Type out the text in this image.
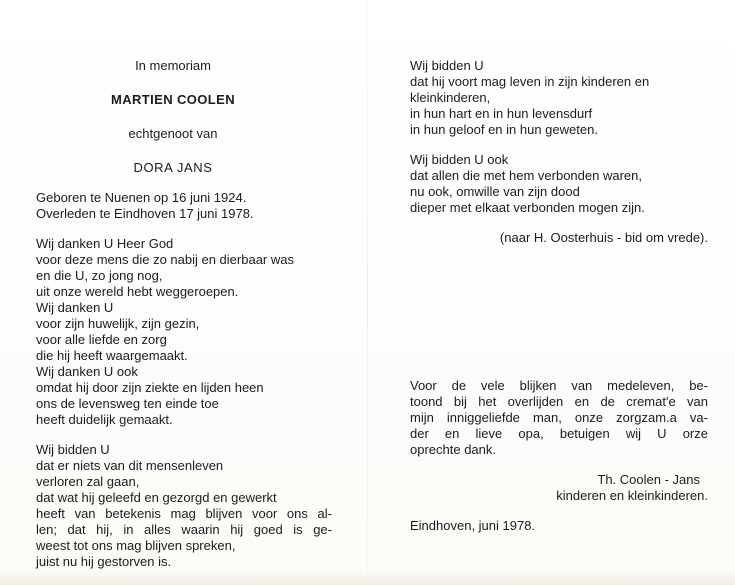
In memoriam
MARTIEN COOLEN
echtgenoot van
DORA JANS
Geboren te Nuenen op 16 juni 1924.
Overleden te Eindhoven 17 juni 1978.
Wij danken U Heer God
voor deze mens die zo nabij en dierbaar was
en die U, zo jong nog,
uit onze wereld hebt weggeroepen.
Wij danken U
voor zijn huwelijk, zijn gezin,
voor alle liefde en zorg
die hij heeft waargemaakt.
Wij danken U ook
omdat hij door zijn ziekte en lijden heen
ons de levensweg ten einde toe
heeft duidelijk gemaakt.
Wij bidden U
dat er niets van dit mensenleven
verloren zal gaan,
dat wat hij geleefd en gezorgd en gewerkt
heeft van betekenis mag blijven voor ons al-
len; dat hij, in alles waarin hij goed is ge-
weest tot ons mag blijven spreken,
juist nu hij gestorven is.
Wij bidden U
dat hij voort mag leven in zijn kinderen en
kleinkinderen,
in hun hart en in hun levensdurf
in hun geloof en in hun geweten.
Wij bidden U ook
dat allen die met hem verbonden waren,
nu ook, omwille van zijn dood
dieper met elkaat verbonden mogen zijn.
(naar H. Oosterhuis - bid om vrede).
Voor de vele blijken van medeleven, be-
toond bij het overlijden en de cremat'e van
mijn inniggeliefde man, onze zorgzam.a va-
der en lieve opa, betuigen wij U orze
oprechte dank.
Th. Coolen - Jans
kinderen en kleinkinderen.
Eindhoven, juni 1978.
